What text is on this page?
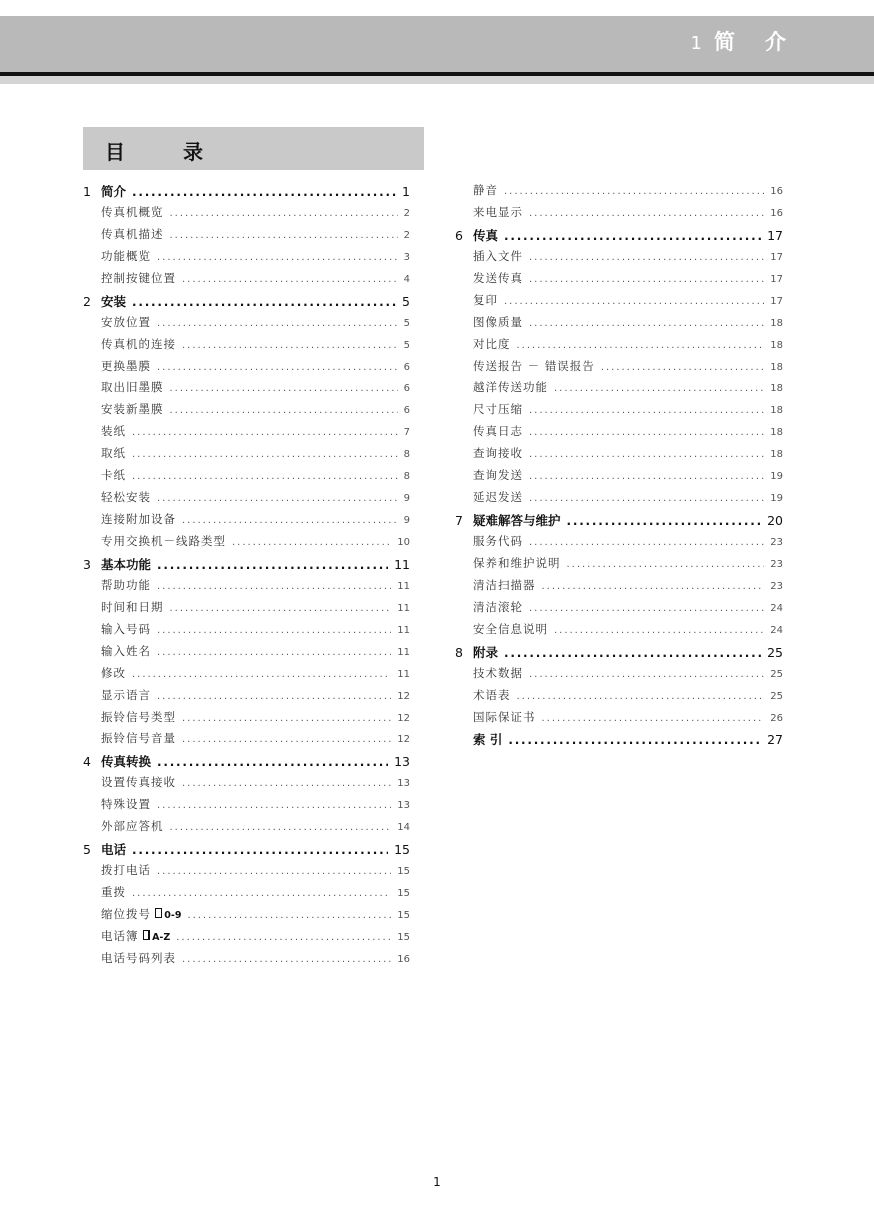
1 简 介
目	录
1 简介 . . .	1
传真机概览 . . .	2
传真机描述 . . .	2
功能概览 . . .	3
控制按键位置 . . .	4
2 安装 . . .	5
安放位置 . . .	5
传真机的连接 . . .	5
更换墨膜 . . .	6
取出旧墨膜 . . .	6
安装新墨膜 . . .	6
装纸 . . .	7
取纸 . . .	8
卡纸 . . .	8
轻松安装 . . .	9
连接附加设备 . . .	9
专用交换机－线路类型 . . .	10
3 基本功能 . . .	11
帮助功能 . . .	11
时间和日期 . . .	11
输入号码 . . .	11
输入姓名 . . .	11
修改 . . .	11
显示语言 . . .	12
振铃信号类型 . . .	12
振铃信号音量 . . .	12
4 传真转换 . . .	13
设置传真接收 . . .	13
特殊设置 . . .	13
外部应答机 . . .	14
5 电话 . . .	15
拨打电话 . . .	15
重拨 . . .	15
缩位拨号 0-9 . . .	15
电话簿 A-Z . . .	15
电话号码列表 . . .	16
静音 . . .	16
来电显示 . . .	16
6 传真 . . .	17
插入文件 . . .	17
发送传真 . . .	17
复印 . . .	17
图像质量 . . .	18
对比度 . . .	18
传送报告 － 错误报告 . . .	18
越洋传送功能 . . .	18
尺寸压缩 . . .	18
传真日志 . . .	18
查询接收 . . .	18
查询发送 . . .	19
延迟发送 . . .	19
7 疑难解答与维护 . . .	20
服务代码 . . .	23
保养和维护说明 . . .	23
清洁扫描器 . . .	23
清洁滚轮 . . .	24
安全信息说明 . . .	24
8 附录 . . .	25
技术数据 . . .	25
术语表 . . .	25
国际保证书 . . .	26
索 引 . . .	27
1
